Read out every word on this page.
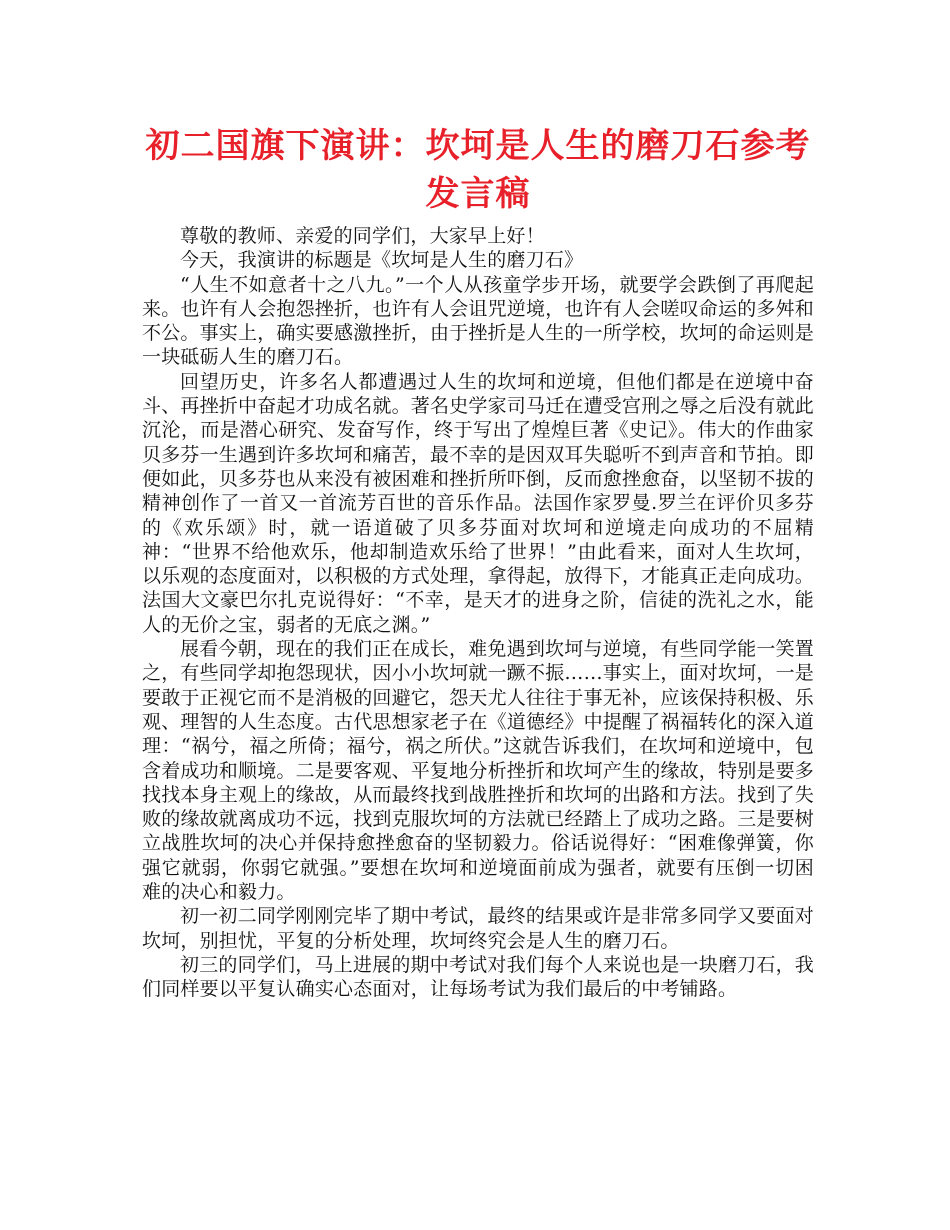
初二国旗下演讲：坎坷是人生的磨刀石参考发言稿

尊敬的教师、亲爱的同学们，大家早上好！

今天，我演讲的标题是《坎坷是人生的磨刀石》

“人生不如意者十之八九。”一个人从孩童学步开场，就要学会跌倒了再爬起来。也许有人会抱怨挫折，也许有人会诅咒逆境，也许有人会嗟叹命运的多舛和不公。事实上，确实要感激挫折，由于挫折是人生的一所学校，坎坷的命运则是一块砥砺人生的磨刀石。

回望历史，许多名人都遭遇过人生的坎坷和逆境，但他们都是在逆境中奋斗、再挫折中奋起才功成名就。著名史学家司马迁在遭受宫刑之辱之后没有就此沉沦，而是潜心研究、发奋写作，终于写出了煌煌巨著《史记》。伟大的作曲家贝多芬一生遇到许多坎坷和痛苦，最不幸的是因双耳失聪听不到声音和节拍。即便如此，贝多芬也从来没有被困难和挫折所吓倒，反而愈挫愈奋，以坚韧不拔的精神创作了一首又一首流芳百世的音乐作品。法国作家罗曼.罗兰在评价贝多芬的《欢乐颂》时，就一语道破了贝多芬面对坎坷和逆境走向成功的不屈精神：“世界不给他欢乐，他却制造欢乐给了世界！”由此看来，面对人生坎坷，以乐观的态度面对，以积极的方式处理，拿得起，放得下，才能真正走向成功。法国大文豪巴尔扎克说得好：“不幸，是天才的进身之阶，信徒的洗礼之水，能人的无价之宝，弱者的无底之渊。”

展看今朝，现在的我们正在成长，难免遇到坎坷与逆境，有些同学能一笑置之，有些同学却抱怨现状，因小小坎坷就一蹶不振……事实上，面对坎坷，一是要敢于正视它而不是消极的回避它，怨天尤人往往于事无补，应该保持积极、乐观、理智的人生态度。古代思想家老子在《道德经》中提醒了祸福转化的深入道理：“祸兮，福之所倚；福兮，祸之所伏。”这就告诉我们，在坎坷和逆境中，包含着成功和顺境。二是要客观、平复地分析挫折和坎坷产生的缘故，特别是要多找找本身主观上的缘故，从而最终找到战胜挫折和坎坷的出路和方法。找到了失败的缘故就离成功不远，找到克服坎坷的方法就已经踏上了成功之路。三是要树立战胜坎坷的决心并保持愈挫愈奋的坚韧毅力。俗话说得好：“困难像弹簧，你强它就弱，你弱它就强。”要想在坎坷和逆境面前成为强者，就要有压倒一切困难的决心和毅力。

初一初二同学刚刚完毕了期中考试，最终的结果或许是非常多同学又要面对坎坷，别担忧，平复的分析处理，坎坷终究会是人生的磨刀石。

初三的同学们，马上进展的期中考试对我们每个人来说也是一块磨刀石，我们同样要以平复认确实心态面对，让每场考试为我们最后的中考铺路。
